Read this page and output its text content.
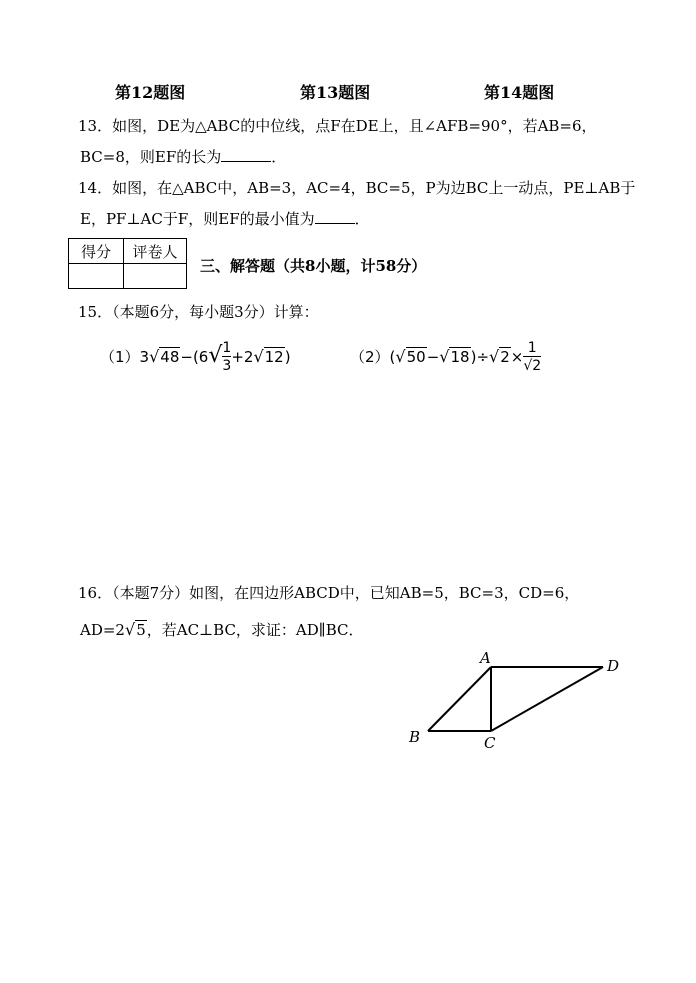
第12题图	第13题图	第14题图
13．如图，DE为△ABC的中位线，点F在DE上，且∠AFB=90°，若AB=6，
BC=8，则EF的长为	．
14．如图，在△ABC中，AB=3，AC=4，BC=5，P为边BC上一动点，PE⊥AB于
E，PF⊥AC于F，则EF的最小值为	．
得分	评卷人

三、解答题（共8小题，计58分）
15．（本题6分，每小题3分）计算：
$(1)3√48-(6√ \frac{1}{3} +2√12)$	$(2)(√50-√18)\div√2\times \frac{1}{√2}$
16．（本题7分）如图，在四边形ABCD中，已知AB=5，BC=3，CD=6，
AD=2√5，若AC⊥BC，求证：AD∥BC．
A
B	C
D
